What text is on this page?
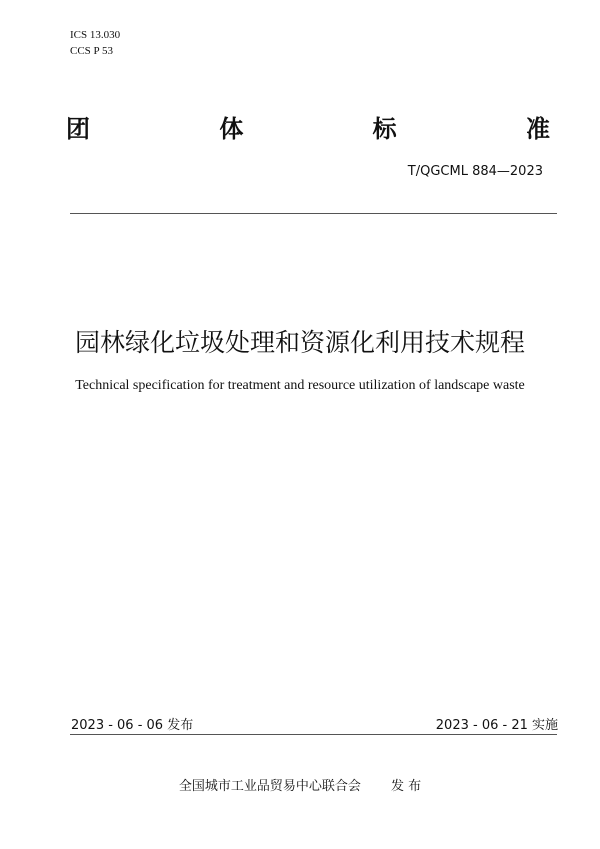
ICS 13.030
CCS P 53
团	体	标	准
T/QGCML 884—2023
园林绿化垃圾处理和资源化利用技术规程
Technical specification for treatment and resource utilization of landscape waste
2023 - 06 - 06 发布	2023 - 06 - 21 实施
全国城市工业品贸易中心联合会 发 布
